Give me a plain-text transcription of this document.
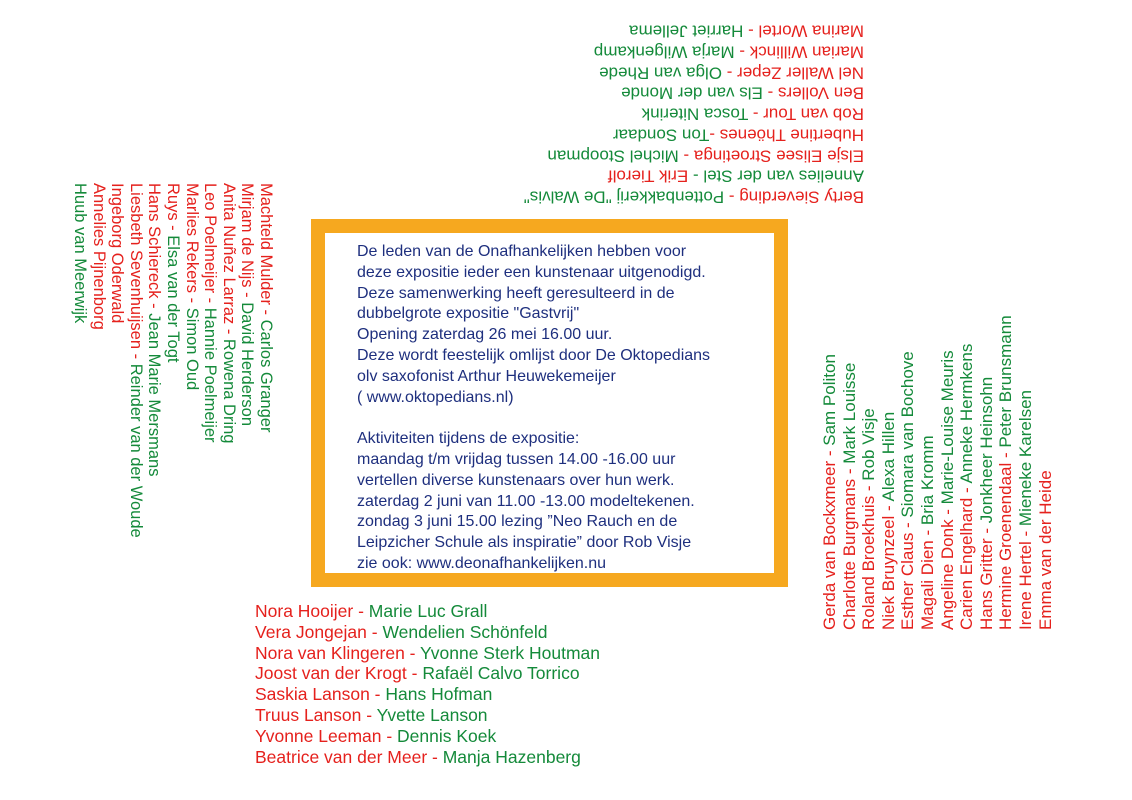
Berty Sieverding - Pottenbakkerij "De Walvis"
Annelies van der Stel - Erik Tierolf
Elsje Elisee Stroetinga - Michel Stoopman
Hubertine Thöenes -Ton Sondaar
Rob van Tour - Tosca Niterink
Ben Vollers - Els van der Monde
Nel Waller Zeper - Olga van Rhede
Marian Willinck - Marja Wilgenkamp
Marina Wortel - Harriet Jellema
Machteld Mulder - Carlos Granger
Mirjam de Nijs - David Herderson
Anita Nuñez Larraz - Rowena Dring
Leo Poelmeijer - Hannie Poelmeijer
Marlies Rekers - Simon Oud
Ruys - Elsa van der Togt
Hans Schiereck - Jean Marie Mersmans
Liesbeth Sevenhuijsen - Reinder van der Woude
Ingeborg Oderwald
Annelies Pijnenborg
Huub van Meerwijk
Gerda van Bockxmeer - Sam Politon
Charlotte Burgmans - Mark Louisse
Roland Broekhuis - Rob Visje
Niek Bruynzeel - Alexa Hillen
Esther Claus - Siomara van Bochove
Magali Dien - Bria Kromm
Angeline Donk - Marie-Louise Meuris
Carien Engelhard - Anneke Hermkens
Hans Gritter - Jonkheer Heinsohn Hermine Groenendaal - Peter Brunsmann
Irene Hertel - Mieneke Karelsen
Emma van der Heide
De leden van de Onafhankelijken hebben voor
deze expositie ieder een kunstenaar uitgenodigd.
Deze samenwerking heeft geresulteerd in de
dubbelgrote expositie "Gastvrij"
Opening zaterdag 26 mei 16.00 uur.
Deze wordt feestelijk omlijst door De Oktopedians
olv saxofonist Arthur Heuwekemeijer
( www.oktopedians.nl)
Aktiviteiten tijdens de expositie:
maandag t/m vrijdag tussen 14.00 -16.00 uur
vertellen diverse kunstenaars over hun werk.
zaterdag 2 juni van 11.00 -13.00 modeltekenen.
zondag 3 juni 15.00 lezing ”Neo Rauch en de
Leipzicher Schule als inspiratie” door Rob Visje
zie ook: www.deonafhankelijken.nu
Nora Hooijer - Marie Luc Grall
Vera Jongejan - Wendelien Schönfeld
Nora van Klingeren - Yvonne Sterk Houtman
Joost van der Krogt - Rafaël Calvo Torrico
Saskia Lanson - Hans Hofman
Truus Lanson - Yvette Lanson
Yvonne Leeman - Dennis Koek
Beatrice van der Meer - Manja Hazenberg
